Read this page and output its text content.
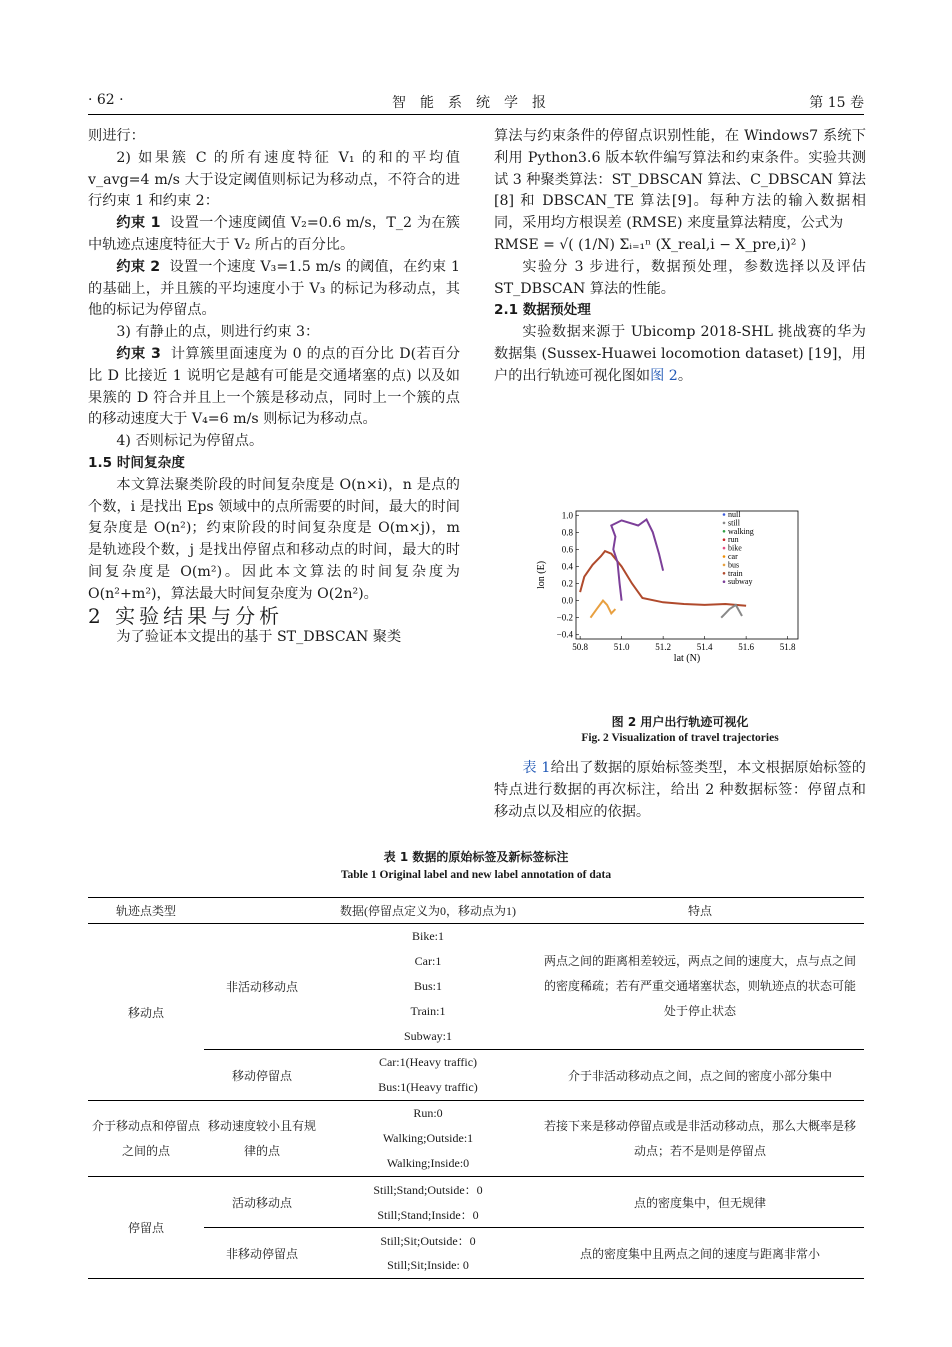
· 62 ·	智能系统学报	第 15 卷

则进行：

2) 如果簇 C 的所有速度特征 V₁ 的和的平均值 v_avg=4 m/s 大于设定阈值则标记为移动点，不符合的进行约束 1 和约束 2：

约束 1 设置一个速度阈值 V₂=0.6 m/s，T_2 为在簇中轨迹点速度特征大于 V₂ 所占的百分比。

约束 2 设置一个速度 V₃=1.5 m/s 的阈值，在约束 1 的基础上，并且簇的平均速度小于 V₃ 的标记为移动点，其他的标记为停留点。

3) 有静止的点，则进行约束 3：

约束 3 计算簇里面速度为 0 的点的百分比 D(若百分比 D 比接近 1 说明它是越有可能是交通堵塞的点) 以及如果簇的 D 符合并且上一个簇是移动点，同时上一个簇的点的移动速度大于 V₄=6 m/s 则标记为移动点。

4) 否则标记为停留点。

1.5 时间复杂度

本文算法聚类阶段的时间复杂度是 O(n×i)，n 是点的个数，i 是找出 Eps 领域中的点所需要的时间，最大的时间复杂度是 O(n²)；约束阶段的时间复杂度是 O(m×j)，m 是轨迹段个数，j 是找出停留点和移动点的时间，最大的时间复杂度是 O(m²)。因此本文算法的时间复杂度为 O(n²+m²)，算法最大时间复杂度为 O(2n²)。

2 实验结果与分析

为了验证本文提出的基于 ST_DBSCAN 聚类

算法与约束条件的停留点识别性能，在 Windows7 系统下利用 Python3.6 版本软件编写算法和约束条件。实验共测试 3 种聚类算法：ST_DBSCAN 算法、C_DBSCAN 算法[8] 和 DBSCAN_TE 算法[9]。每种方法的输入数据相同，采用均方根误差 (RMSE) 来度量算法精度，公式为

RMSE = √( (1/N) Σᵢ₌₁ⁿ (X_real,i − X_pre,i)² )

实验分 3 步进行，数据预处理，参数选择以及评估 ST_DBSCAN 算法的性能。

2.1 数据预处理

实验数据来源于 Ubicomp 2018-SHL 挑战赛的华为数据集 (Sussex-Huawei locomotion dataset) [19]，用户的出行轨迹可视化图如图 2。

50.8	51.0	51.2	51.4	51.6	51.8
1.0
0.8
0.6
0.4
0.2
0.0
−0.2
−0.4
lat (N)
lon (E)
null
still
walking
run
bike
car
bus
train
subway
图 2 用户出行轨迹可视化
Fig. 2 Visualization of travel trajectories

表 1给出了数据的原始标签类型，本文根据原始标签的特点进行数据的再次标注，给出 2 种数据标签：停留点和移动点以及相应的依据。

表 1 数据的原始标签及新标签标注
Table 1 Original label and new label annotation of data
轨迹点类型		数据(停留点定义为0，移动点为1)	特点
移动点	非活动移动点	Bike:1	两点之间的距离相差较远，两点之间的速度大，点与点之间的密度稀疏；若有严重交通堵塞状态，则轨迹点的状态可能处于停止状态
		Car:1	
		Bus:1	
		Train:1	
		Subway:1	
	移动停留点	Car:1(Heavy traffic)	介于非活动移动点之间，点之间的密度小部分集中
		Bus:1(Heavy traffic)	
介于移动点和停留点之间的点	移动速度较小且有规律的点	Run:0	若接下来是移动停留点或是非活动移动点，那么大概率是移动点；若不是则是停留点
		Walking;Outside:1	
		Walking;Inside:0	
停留点	活动移动点	Still;Stand;Outside：0	点的密度集中，但无规律
		Still;Stand;Inside：0	
	非移动停留点	Still;Sit;Outside：0	点的密度集中且两点之间的速度与距离非常小
		Still;Sit;Inside: 0	
